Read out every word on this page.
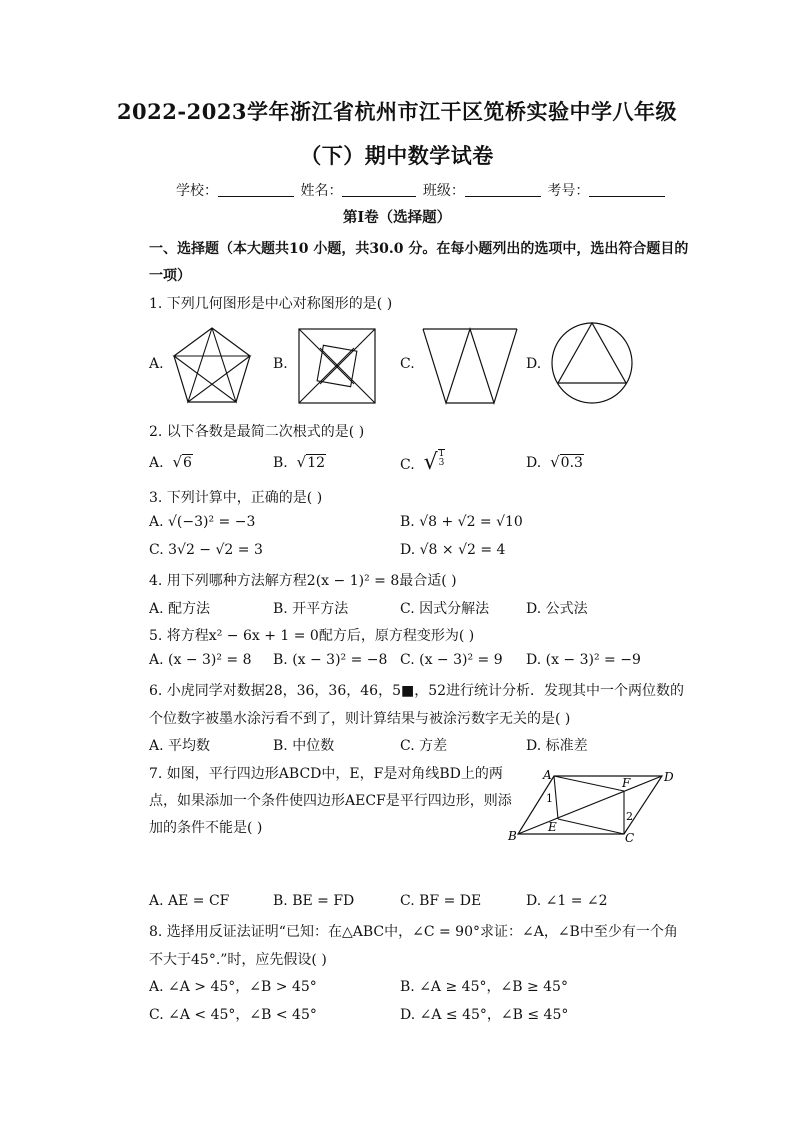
2022-2023学年浙江省杭州市江干区笕桥实验中学八年级
（下）期中数学试卷
学校：	姓名：	班级：	考号：
第I卷（选择题）
一、选择题（本大题共10 小题，共30.0 分。在每小题列出的选项中，选出符合题目的
一项）
1. 下列几何图形是中心对称图形的是( )
A.	B.	C.	D.
2. 以下各数是最简二次根式的是( )
A. √6	B. √12	C. √1
3	D. √0.3
3. 下列计算中，正确的是( )
A. √(−3)² = −3	B. √8 + √2 = √10
C. 3√2 − √2 = 3	D. √8 × √2 = 4
4. 用下列哪种方法解方程2(x − 1)² = 8最合适( )
A. 配方法	B. 开平方法	C. 因式分解法	D. 公式法
5. 将方程x² − 6x + 1 = 0配方后，原方程变形为( )
A. (x − 3)² = 8 B. (x − 3)² = −8 C. (x − 3)² = 9 D. (x − 3)² = −9
6. 小虎同学对数据28，36，36，46，5■，52进行统计分析．发现其中一个两位数的
个位数字被墨水涂污看不到了，则计算结果与被涂污数字无关的是( )
A. 平均数	B. 中位数	C. 方差	D. 标准差
7. 如图，平行四边形ABCD中，E，F是对角线BD上的两
点，如果添加一个条件使四边形AECF是平行四边形，则添
加的条件不能是( )
A	D
F
1
2
B
E
C
A. AE = CF	B. BE = FD	C. BF = DE	D. ∠1 = ∠2
8. 选择用反证法证明“已知：在△ABC中，∠C = 90°求证：∠A，∠B中至少有一个角
不大于45°.”时，应先假设( )
A. ∠A > 45°，∠B > 45°	B. ∠A ≥ 45°，∠B ≥ 45°
C. ∠A < 45°，∠B < 45°	D. ∠A ≤ 45°，∠B ≤ 45°
